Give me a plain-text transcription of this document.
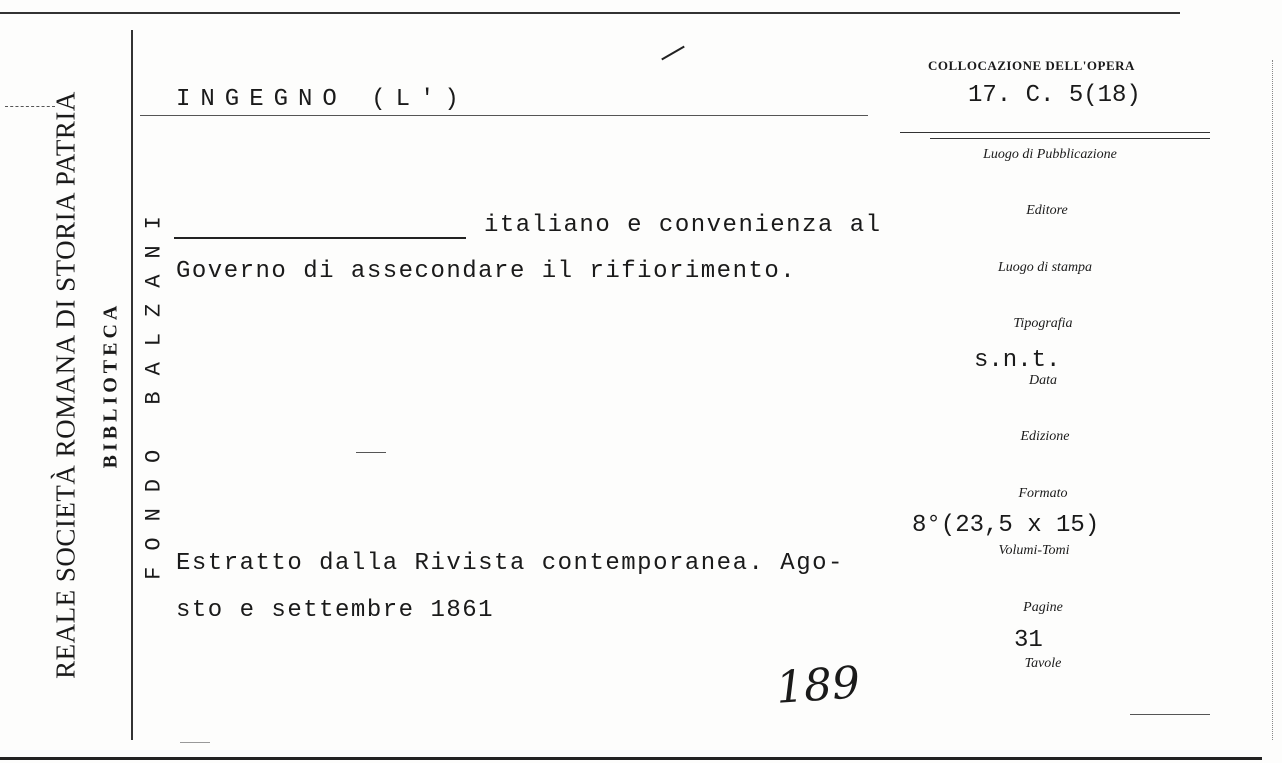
REALE SOCIETÀ ROMANA DI STORIA PATRIA BIBLIOTECA FONDO BALZANI
INGEGNO (L')
italiano e convenienza al
Governo di assecondare il rifiorimento.
Estratto dalla Rivista contemporanea. Ago-
sto e settembre 1861
189
COLLOCAZIONE DELL'OPERA
17. C. 5(18)
Luogo di Pubblicazione
Editore
Luogo di stampa
Tipografia
s.n.t.
Data
Edizione
Formato
8°(23,5 x 15)
Volumi-Tomi
Pagine
31
Tavole
